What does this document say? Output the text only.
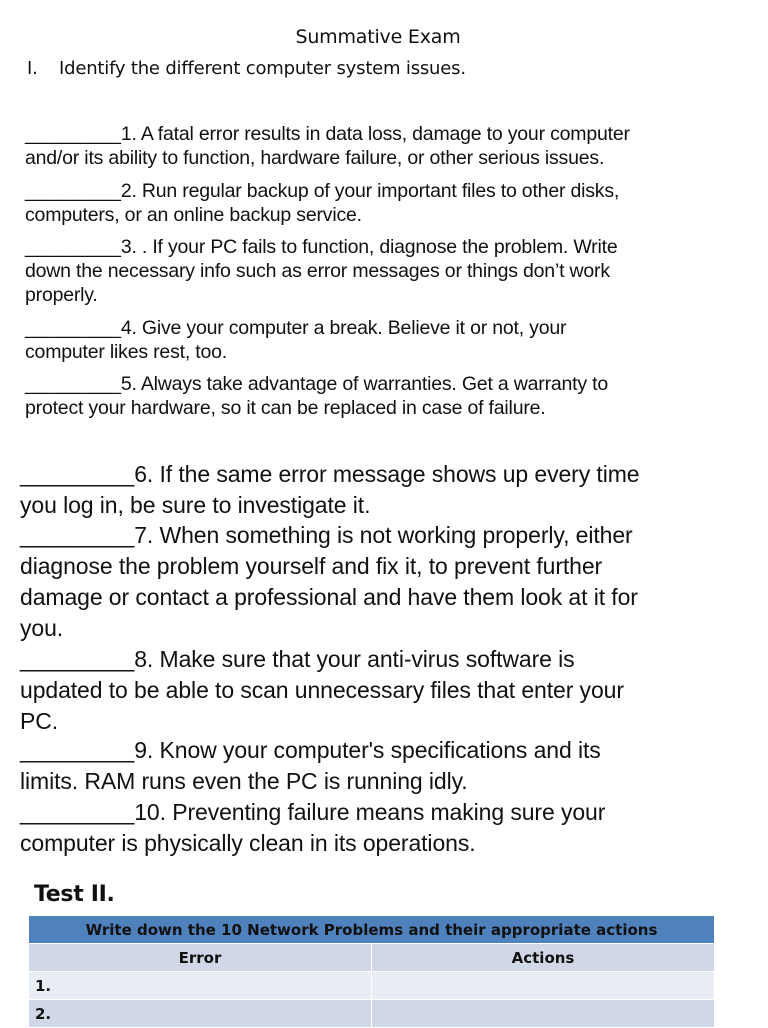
Summative Exam
I. Identify the different computer system issues.
_________1. A fatal error results in data loss, damage to your computer
and/or its ability to function, hardware failure, or other serious issues.
_________2. Run regular backup of your important files to other disks,
computers, or an online backup service.
_________3. . If your PC fails to function, diagnose the problem. Write
down the necessary info such as error messages or things don’t work
properly.
_________4. Give your computer a break. Believe it or not, your
computer likes rest, too.
_________5. Always take advantage of warranties. Get a warranty to
protect your hardware, so it can be replaced in case of failure.
_________6. If the same error message shows up every time
you log in, be sure to investigate it.
_________7. When something is not working properly, either
diagnose the problem yourself and fix it, to prevent further
damage or contact a professional and have them look at it for
you.
_________8. Make sure that your anti-virus software is
updated to be able to scan unnecessary files that enter your
PC.
_________9. Know your computer's specifications and its
limits. RAM runs even the PC is running idly.
_________10. Preventing failure means making sure your
computer is physically clean in its operations.
Test II.
Write down the 10 Network Problems and their appropriate actions	
Error	Actions
1.	
2.	
